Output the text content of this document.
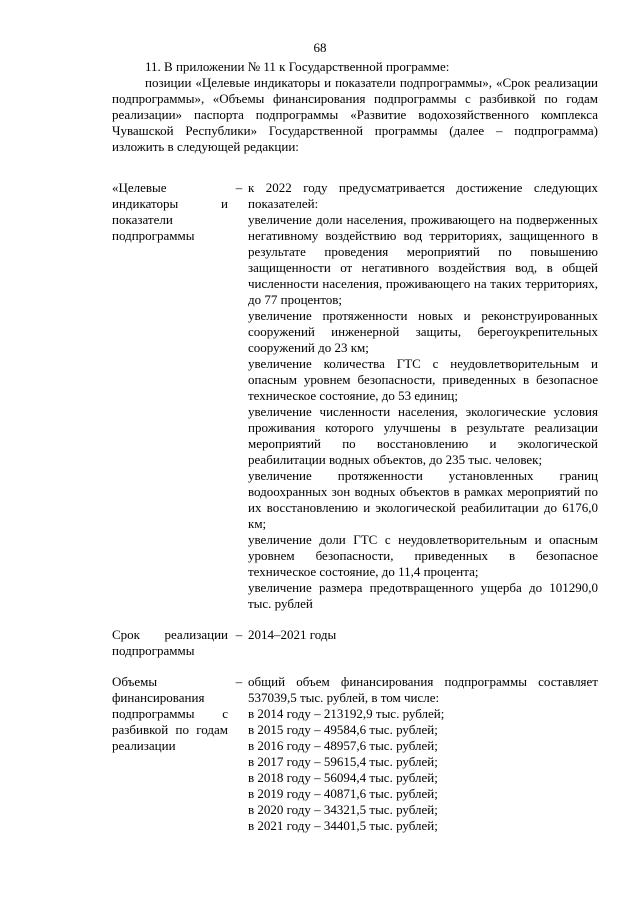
68

11. В приложении № 11 к Государственной программе:

позиции «Целевые индикаторы и показатели подпрограммы», «Срок реализации подпрограммы», «Объемы финансирования подпрограммы с разбивкой по годам реализации» паспорта подпрограммы «Развитие водохозяйственного комплекса Чувашской Республики» Государственной программы (далее – подпрограмма) изложить в следующей редакции:

«Целевые индикаторы и показатели подпрограммы
– к 2022 году предусматривается достижение следующих показателей:

увеличение доли населения, проживающего на подверженных негативному воздействию вод территориях, защищенного в результате проведения мероприятий по повышению защищенности от негативного воздействия вод, в общей численности населения, проживающего на таких территориях, до 77 процентов;

увеличение протяженности новых и реконструированных сооружений инженерной защиты, берегоукрепительных сооружений до 23 км;

увеличение количества ГТС с неудовлетворительным и опасным уровнем безопасности, приведенных в безопасное техническое состояние, до 53 единиц;

увеличение численности населения, экологические условия проживания которого улучшены в результате реализации мероприятий по восстановлению и экологической реабилитации водных объектов, до 235 тыс. человек;

увеличение протяженности установленных границ водоохранных зон водных объектов в рамках мероприятий по их восстановлению и экологической реабилитации до 6176,0 км;

увеличение доли ГТС с неудовлетворительным и опасным уровнем безопасности, приведенных в безопасное техническое состояние, до 11,4 процента;

увеличение размера предотвращенного ущерба до 101290,0 тыс. рублей

Срок реализации подпрограммы
– 2014–2021 годы

Объемы финансирования подпрограммы с разбивкой по годам реализации
– общий объем финансирования подпрограммы составляет 537039,5 тыс. рублей, в том числе:

в 2014 году – 213192,9 тыс. рублей;

в 2015 году – 49584,6 тыс. рублей;

в 2016 году – 48957,6 тыс. рублей;

в 2017 году – 59615,4 тыс. рублей;

в 2018 году – 56094,4 тыс. рублей;

в 2019 году – 40871,6 тыс. рублей;

в 2020 году – 34321,5 тыс. рублей;

в 2021 году – 34401,5 тыс. рублей;
